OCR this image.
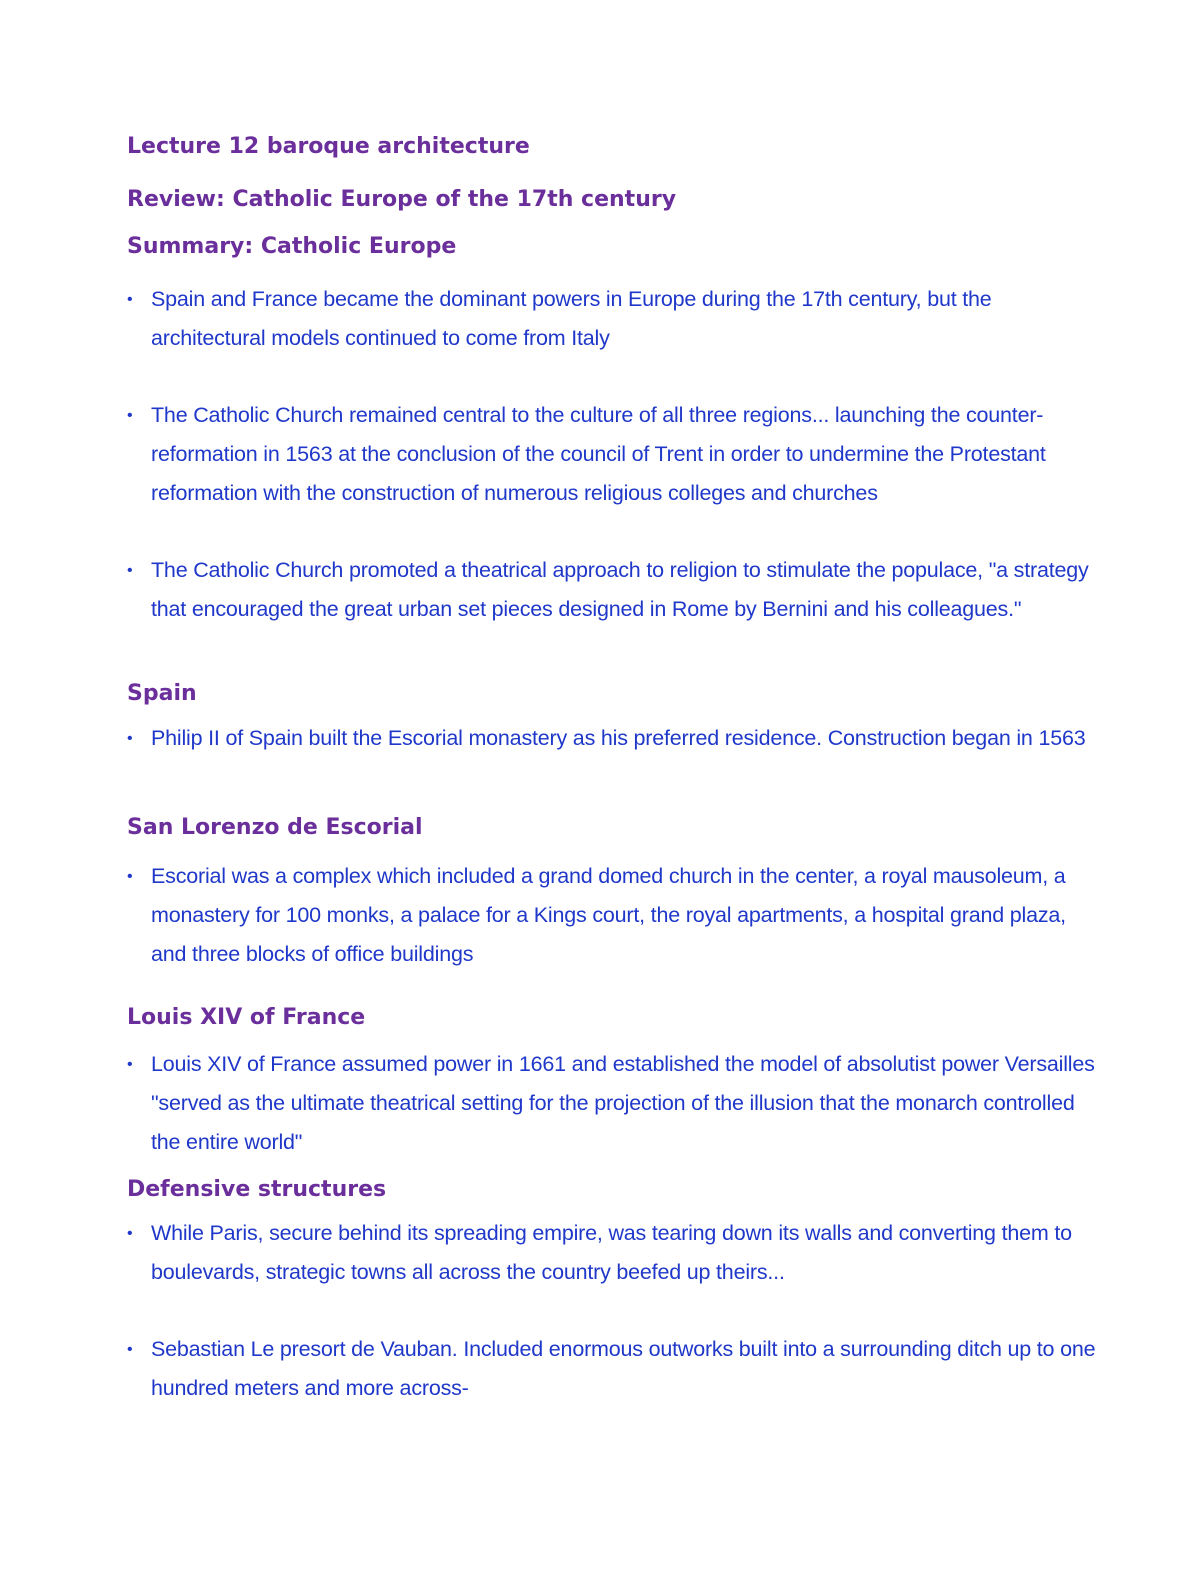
Lecture 12 baroque architecture
Review: Catholic Europe of the 17th century
Summary: Catholic Europe
• Spain and France became the dominant powers in Europe during the 17th century, but the architectural models continued to come from Italy
• The Catholic Church remained central to the culture of all three regions... launching the counter- reformation in 1563 at the conclusion of the council of Trent in order to undermine the Protestant reformation with the construction of numerous religious colleges and churches
• The Catholic Church promoted a theatrical approach to religion to stimulate the populace, "a strategy that encouraged the great urban set pieces designed in Rome by Bernini and his colleagues."
Spain
• Philip II of Spain built the Escorial monastery as his preferred residence. Construction began in 1563
San Lorenzo de Escorial
• Escorial was a complex which included a grand domed church in the center, a royal mausoleum, a monastery for 100 monks, a palace for a Kings court, the royal apartments, a hospital grand plaza, and three blocks of office buildings
Louis XIV of France
• Louis XIV of France assumed power in 1661 and established the model of absolutist power Versailles "served as the ultimate theatrical setting for the projection of the illusion that the monarch controlled the entire world"
Defensive structures
• While Paris, secure behind its spreading empire, was tearing down its walls and converting them to boulevards, strategic towns all across the country beefed up theirs...
• Sebastian Le presort de Vauban. Included enormous outworks built into a surrounding ditch up to one hundred meters and more across-
